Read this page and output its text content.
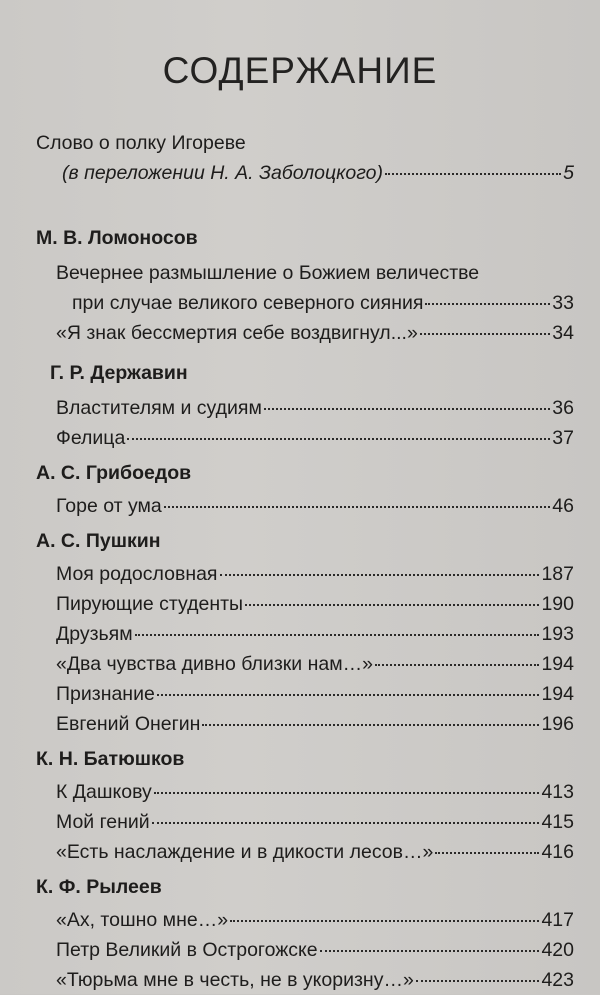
СОДЕРЖАНИЕ
Слово о полку Игореве
(в переложении Н. А. Заболоцкого)	5
М. В. Ломоносов
Вечернее размышление о Божием величестве
при случае великого северного сияния	33
«Я знак бессмертия себе воздвигнул...»	34
Г. Р. Державин
Властителям и судиям	36
Фелица	37
А. С. Грибоедов
Горе от ума	46
А. С. Пушкин
Моя родословная	187
Пирующие студенты	190
Друзьям	193
«Два чувства дивно близки нам…»	194
Признание	194
Евгений Онегин	196
К. Н. Батюшков
К Дашкову	413
Мой гений	415
«Есть наслаждение и в дикости лесов…»	416
К. Ф. Рылеев
«Ах, тошно мне…»	417
Петр Великий в Острогожске	420
«Тюрьма мне в честь, не в укоризну…»	423
